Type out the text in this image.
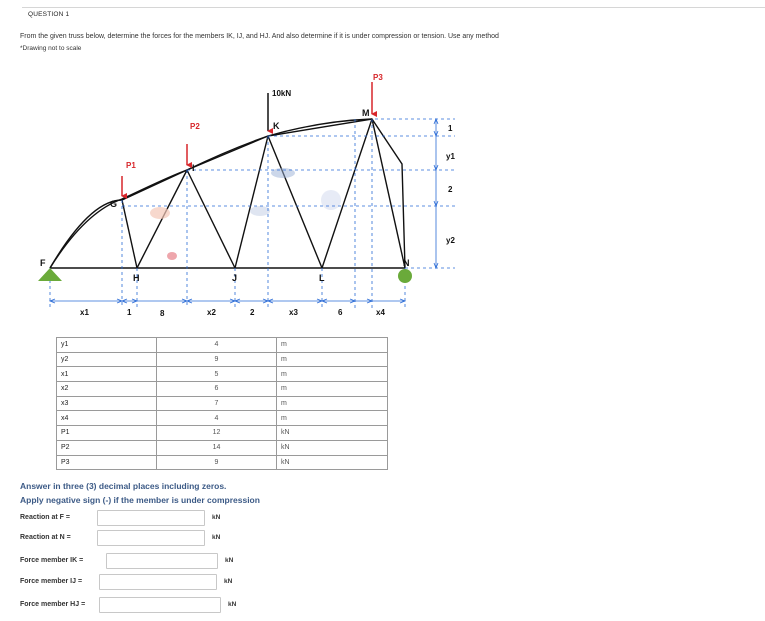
QUESTION 1
From the given truss below, determine the forces for the members IK, IJ, and HJ. And also determine if it is under compression or tension. Use any method
*Drawing not to scale
F
G
H
I
J
K
L
M
N
P1
P2
10kN
P3
1
y1
2
y2
x1	1	8	x2	2	x3	6	x4
y1	4	m
y2	9	m
x1	5	m
x2	6	m
x3	7	m
x4	4	m
P1	12	kN
P2	14	kN
P3	9	kN
Answer in three (3) decimal places including zeros.
Apply negative sign (-) if the member is under compression
Reaction at F =	kN
Reaction at N =	kN
Force member IK =	kN
Force member IJ =	kN
Force member HJ =	kN
